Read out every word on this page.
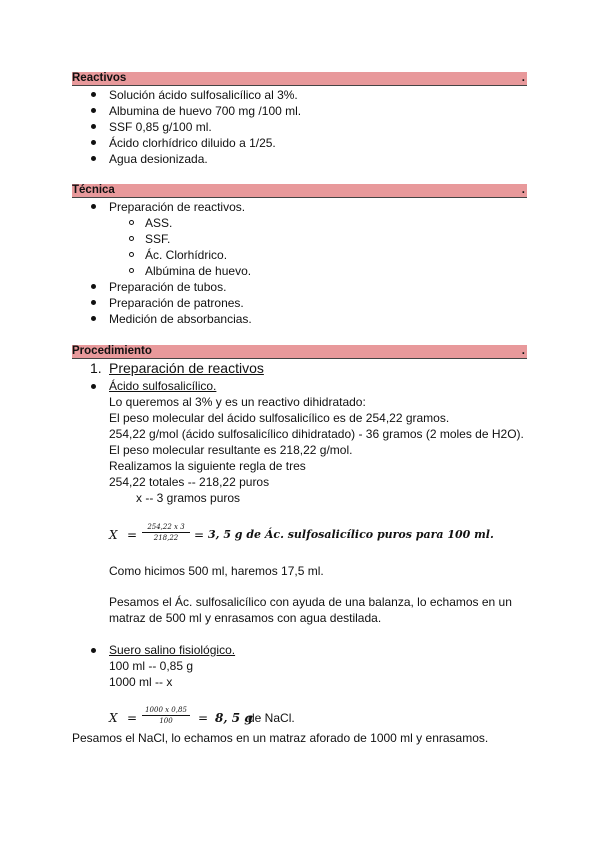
Reactivos	.
Solución ácido sulfosalicílico al 3%.
Albumina de huevo 700 mg /100 ml.
SSF 0,85 g/100 ml.
Ácido clorhídrico diluido a 1/25.
Agua desionizada.
Técnica	.
Preparación de reactivos.
ASS.
SSF.
Ác. Clorhídrico.
Albúmina de huevo.
Preparación de tubos.
Preparación de patrones.
Medición de absorbancias.
Procedimiento	.
1. Preparación de reactivos
Ácido sulfosalicílico.
Lo queremos al 3% y es un reactivo dihidratado:
El peso molecular del ácido sulfosalicílico es de 254,22 gramos.
254,22 g/mol (ácido sulfosalicílico dihidratado) - 36 gramos (2 moles de H2O).
El peso molecular resultante es 218,22 g/mol.
Realizamos la siguiente regla de tres
254,22 totales -- 218,22 puros
x -- 3 gramos puros
X =
254,22 x 3
218,22	= 3, 5 g de Ác. sulfosalicílico puros para 100 ml.
Como hicimos 500 ml, haremos 17,5 ml.
Pesamos el Ác. sulfosalicílico con ayuda de una balanza, lo echamos en un
matraz de 500 ml y enrasamos con agua destilada.
Suero salino fisiológico.
100 ml -- 0,85 g
1000 ml -- x
X =
1000 x 0,85
100	= 8, 5 g
de NaCl.
Pesamos el NaCl, lo echamos en un matraz aforado de 1000 ml y enrasamos.
